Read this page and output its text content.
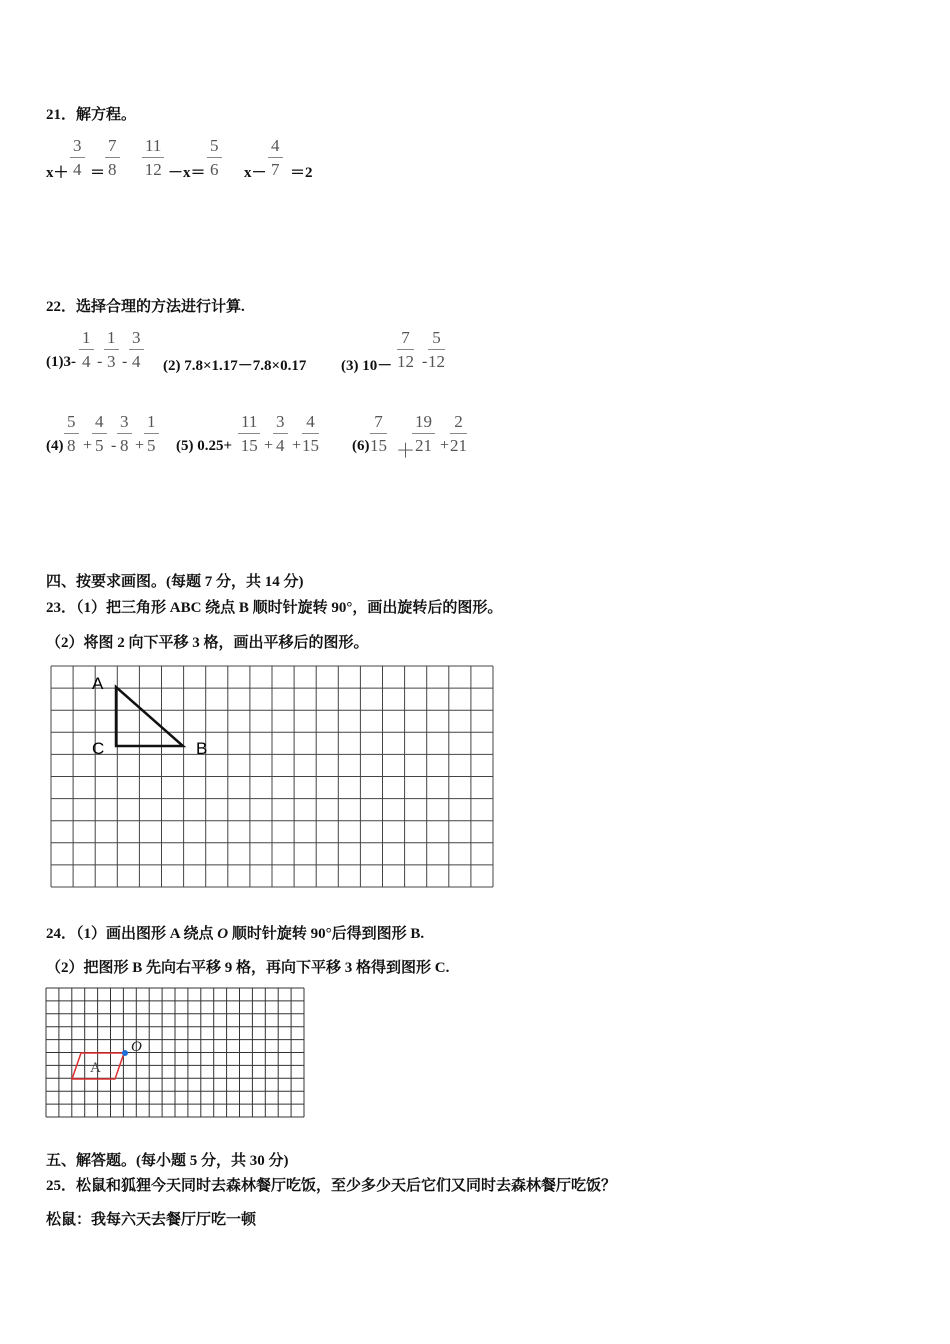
21．解方程。
$x+ \frac{3}{4} = \frac{7}{8} \frac{11}{12} -x= \frac{5}{6} x- \frac{4}{7} =2$
22．选择合理的方法进行计算.
$(1)3- \frac{1}{4} - \frac{1}{3} - \frac{3}{4} (2)$ 7.8×1.17－7.8×0.17 (3) $10- \frac{7}{12} - \frac{5}{12}$
$(4) \frac{5}{8} + \frac{4}{5} - \frac{3}{8} + \frac{1}{5} (5)$ $0.25+ \frac{11}{15} + \frac{3}{4} + \frac{4}{15} (6) \frac{7}{15}$ ＋
$\frac{19}{21} + \frac{2}{21}$
四、按要求画图。(每题 7 分，共 14 分)
23．（1）把三角形 ABC 绕点 B 顺时针旋转 90°，画出旋转后的图形。
（2）将图 2 向下平移 3 格，画出平移后的图形。
A
C	B
24．（1）画出图形 A 绕点 O 顺时针旋转 90°后得到图形 B.
（2）把图形 B 先向右平移 9 格，再向下平移 3 格得到图形 C.
A
O
五、解答题。(每小题 5 分，共 30 分)
25．松鼠和狐狸今天同时去森林餐厅吃饭，至少多少天后它们又同时去森林餐厅吃饭？
松鼠：我每六天去餐厅厅吃一顿
